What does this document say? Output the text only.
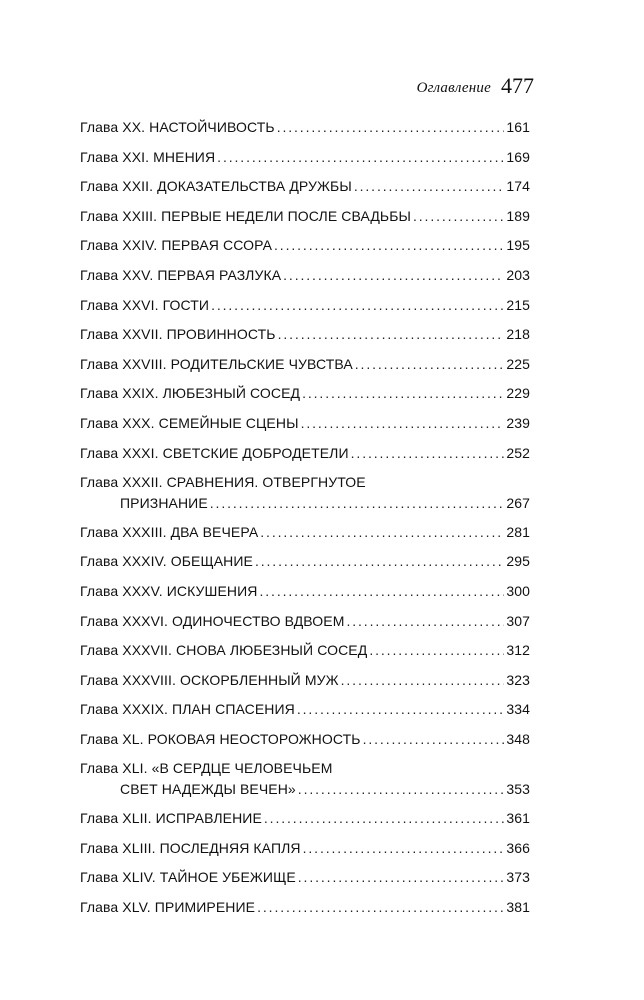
Оглавление 477
Глава XX. НАСТОЙЧИВОСТЬ . . .	161
Глава XXI. МНЕНИЯ . . .	169
Глава XXII. ДОКАЗАТЕЛЬСТВА ДРУЖБЫ . . .	174
Глава XXIII. ПЕРВЫЕ НЕДЕЛИ ПОСЛЕ СВАДЬБЫ . . .	189
Глава XXIV. ПЕРВАЯ ССОРА . . .	195
Глава XXV. ПЕРВАЯ РАЗЛУКА . . .	203
Глава XXVI. ГОСТИ . . .	215
Глава XXVII. ПРОВИННОСТЬ . . .	218
Глава XXVIII. РОДИТЕЛЬСКИЕ ЧУВСТВА . . .	225
Глава XXIX. ЛЮБЕЗНЫЙ СОСЕД . . .	229
Глава XXX. СЕМЕЙНЫЕ СЦЕНЫ . . .	239
Глава XXXI. СВЕТСКИЕ ДОБРОДЕТЕЛИ . . .	252
Глава XXXII. СРАВНЕНИЯ. ОТВЕРГНУТОЕ
ПРИЗНАНИЕ . . .	267
Глава XXXIII. ДВА ВЕЧЕРА . . .	281
Глава XXXIV. ОБЕЩАНИЕ . . .	295
Глава XXXV. ИСКУШЕНИЯ . . .	300
Глава XXXVI. ОДИНОЧЕСТВО ВДВОЕМ . . .	307
Глава XXXVII. СНОВА ЛЮБЕЗНЫЙ СОСЕД . . .	312
Глава XXXVIII. ОСКОРБЛЕННЫЙ МУЖ . . .	323
Глава XXXIX. ПЛАН СПАСЕНИЯ . . .	334
Глава XL. РОКОВАЯ НЕОСТОРОЖНОСТЬ . . .	348
Глава XLI. «В СЕРДЦЕ ЧЕЛОВЕЧЬЕМ
СВЕТ НАДЕЖДЫ ВЕЧЕН» . . .	353
Глава XLII. ИСПРАВЛЕНИЕ . . .	361
Глава XLIII. ПОСЛЕДНЯЯ КАПЛЯ . . .	366
Глава XLIV. ТАЙНОЕ УБЕЖИЩЕ . . .	373
Глава XLV. ПРИМИРЕНИЕ . . .	381
